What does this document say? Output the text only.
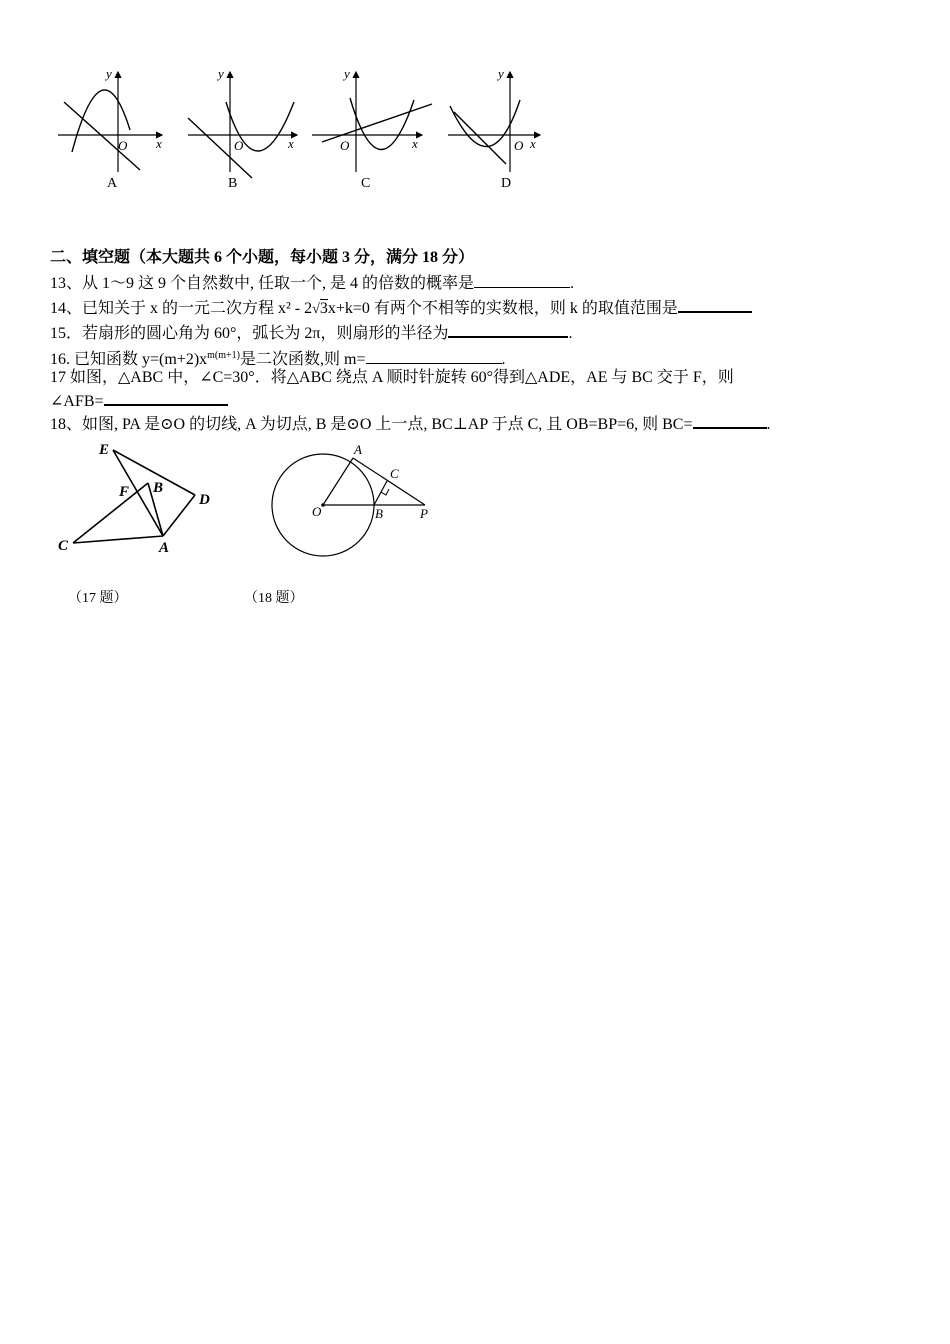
y
x
O
y
x
O
y
x
O
y
x
O
A	B	C	D
二、填空题（本大题共 6 个小题，每小题 3 分，满分 18 分）
13、从 1～9 这 9 个自然数中, 任取一个, 是 4 的倍数的概率是	.
14、已知关于 x 的一元二次方程 x² - 2√3x+k=0 有两个不相等的实数根，则 k 的取值范围是
15．若扇形的圆心角为 60°，弧长为 2π，则扇形的半径为	.
16. 已知函数 $y=(m+2)x^{m(m+1)}$是二次函数,则 m=	.
17 如图，△ABC 中，∠C=30°．将△ABC 绕点 A 顺时针旋转 60°得到△ADE，AE 与 BC 交于 F，则
∠AFB=
18、如图, PA 是⊙O 的切线, A 为切点, B 是⊙O 上一点, BC⊥AP 于点 C, 且 OB=BP=6, 则 BC=	.
E
F B
D
C	A
A
C
O	B	P
（17 题）	（18 题）
